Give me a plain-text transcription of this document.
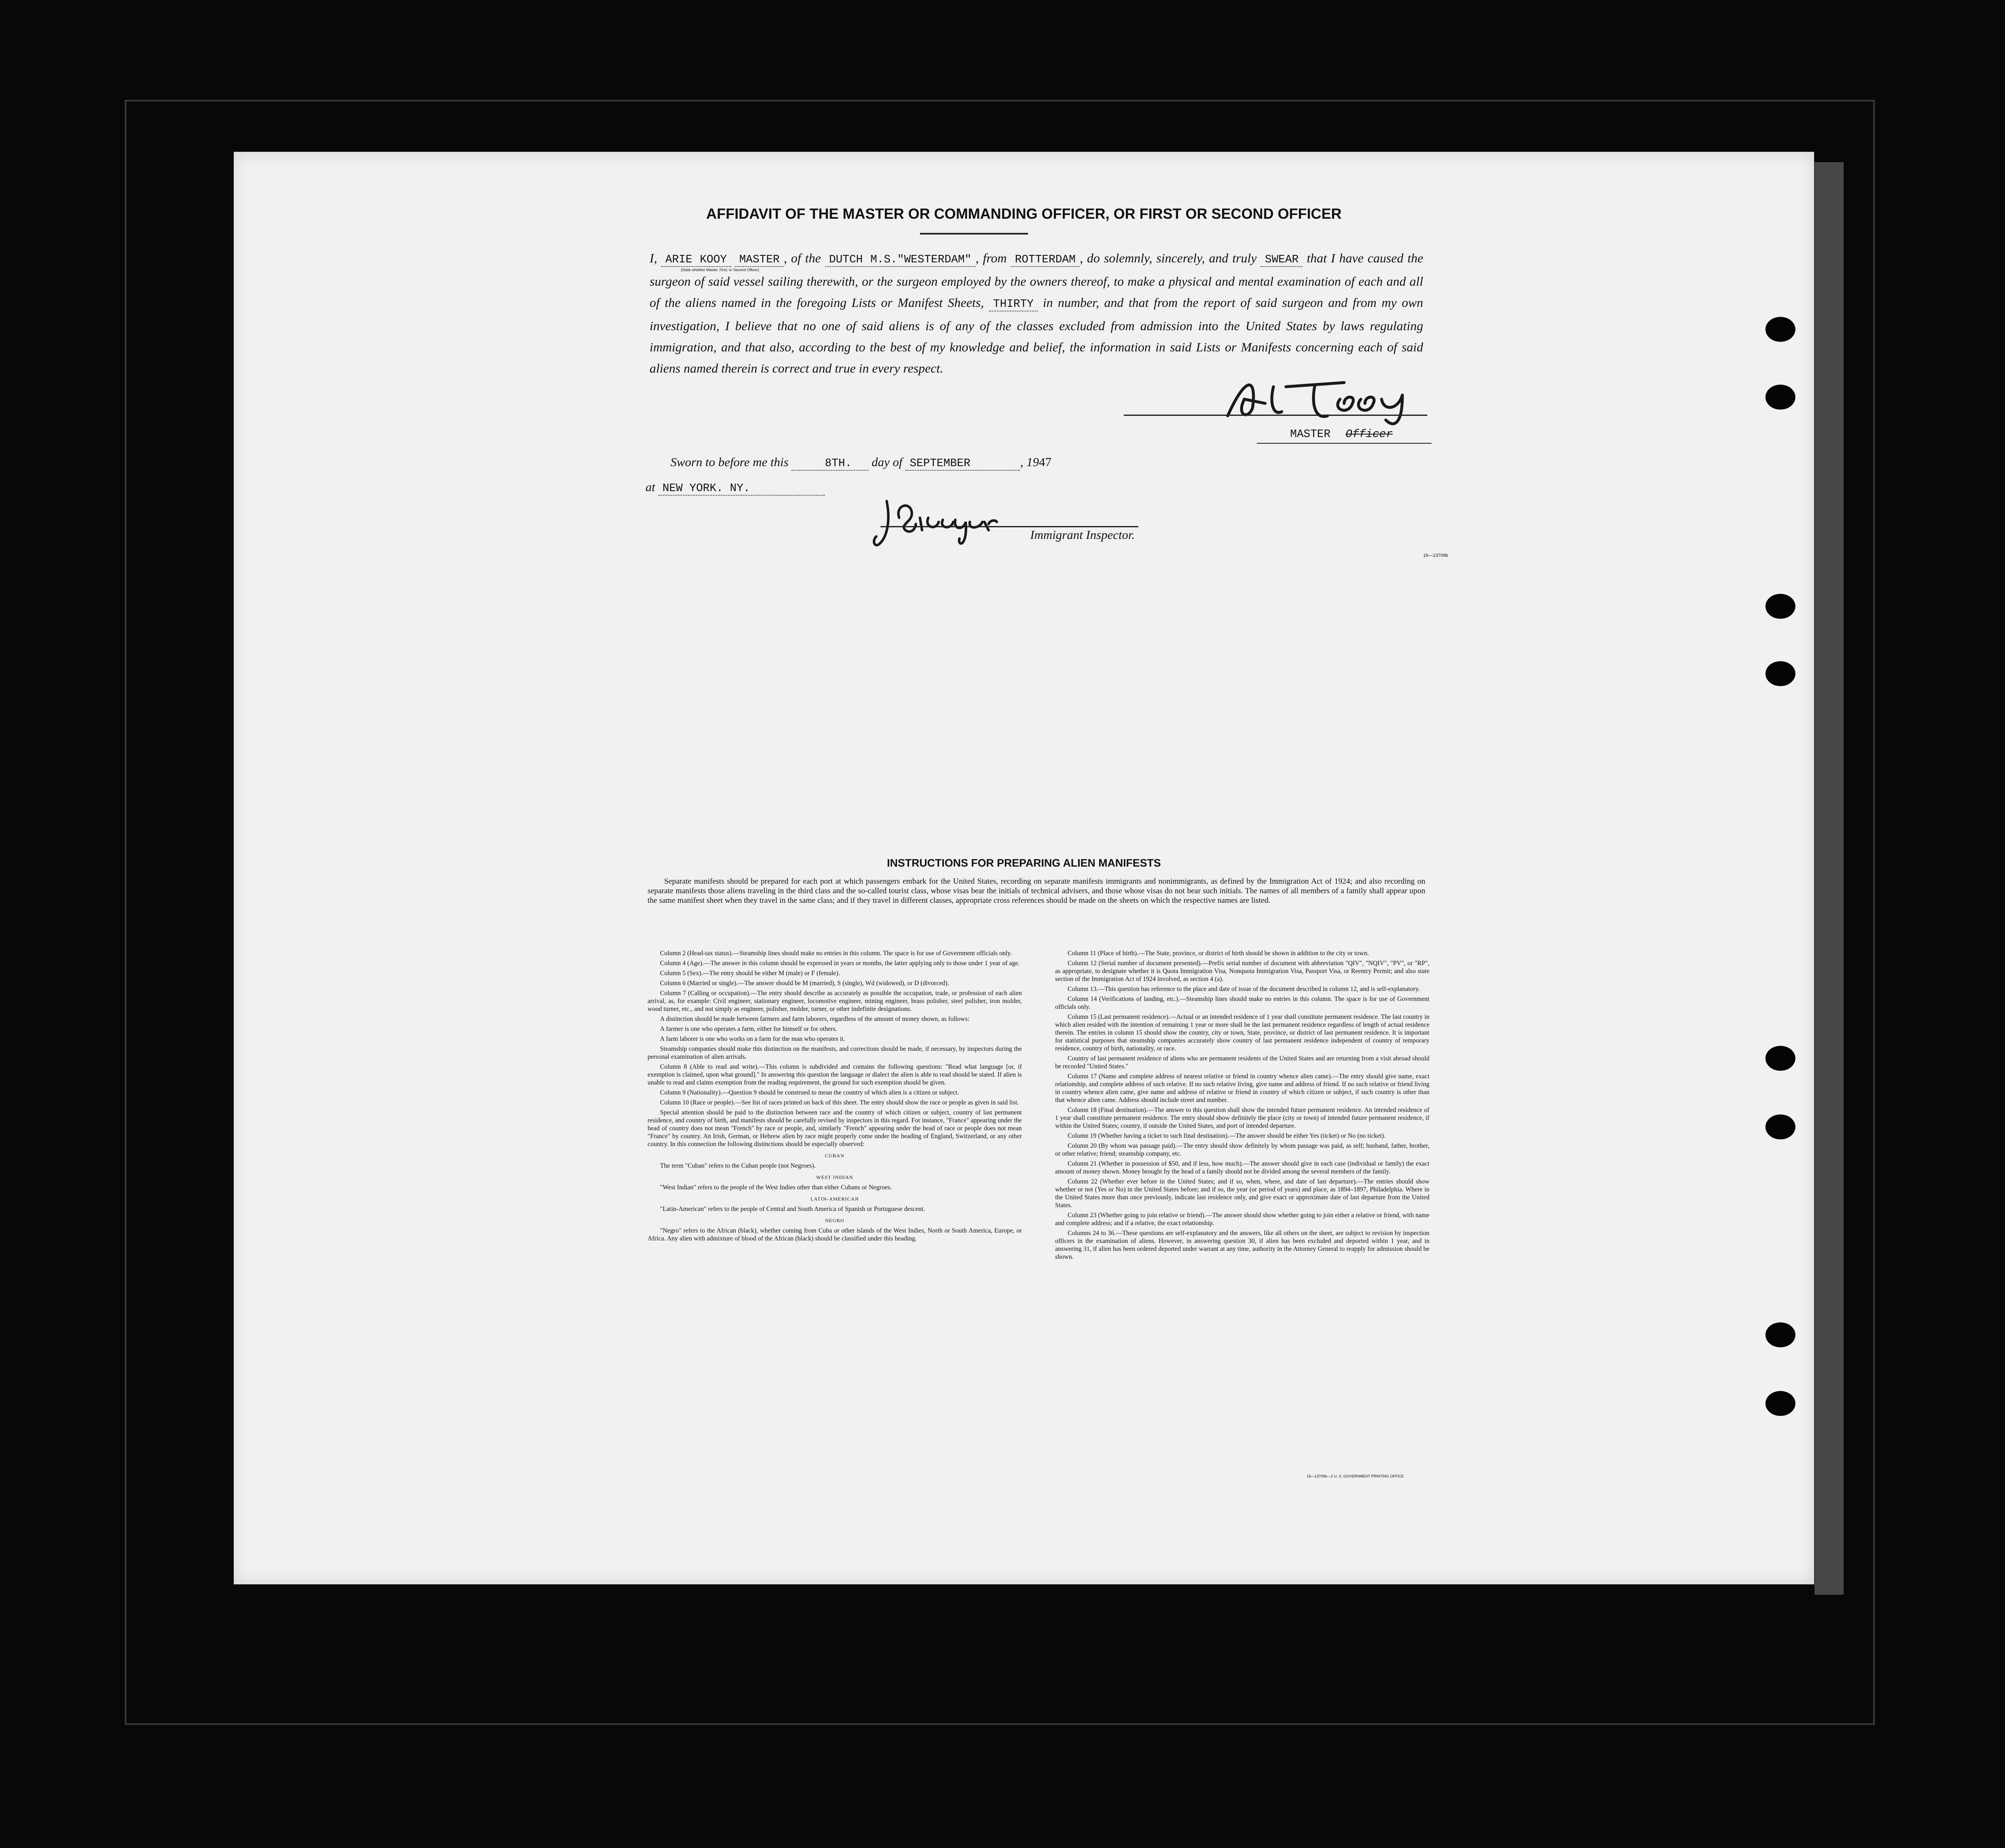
AFFIDAVIT OF THE MASTER OR COMMANDING OFFICER, OR FIRST OR SECOND OFFICER
I, ARIE KOOY MASTER , of the DUTCH M.S."WESTERDAM" , from ROTTERDAM , do solemnly, sincerely, and truly SWEAR that I have caused the surgeon of said vessel sailing therewith, or the surgeon employed by the owners thereof, to make a physical and mental examination of each and all of the aliens named in the foregoing Lists or Manifest Sheets, THIRTY in number, and that from the report of said surgeon and from my own investigation, I believe that no one of said aliens is of any of the classes excluded from admission into the United States by laws regulating immigration, and that also, according to the best of my knowledge and belief, the information in said Lists or Manifests concerning each of said aliens named therein is correct and true in every respect.
(State whether Master, First, or Second Officer)
MASTER Officer
Sworn to before me this	8TH. day of SEPTEMBER	, 1947
at NEW YORK. NY.
Immigrant Inspector.
16—13709b
INSTRUCTIONS FOR PREPARING ALIEN MANIFESTS
Separate manifests should be prepared for each port at which passengers embark for the United States, recording on separate manifests immigrants and nonimmigrants, as defined by the Immigration Act of 1924; and also recording on separate manifests those aliens traveling in the third class and the so-called tourist class, whose visas bear the initials of technical advisers, and those whose visas do not bear such initials. The names of all members of a family shall appear upon the same manifest sheet when they travel in the same class; and if they travel in different classes, appropriate cross references should be made on the sheets on which the respective names are listed.

Column 2 (Head-tax status).—Steamship lines should make no entries in this column. The space is for use of Government officials only.

Column 4 (Age).—The answer in this column should be expressed in years or months, the latter applying only to those under 1 year of age.

Column 5 (Sex).—The entry should be either M (male) or F (female).

Column 6 (Married or single).—The answer should be M (married), S (single), Wd (widowed), or D (divorced).

Column 7 (Calling or occupation).—The entry should describe as accurately as possible the occupation, trade, or profession of each alien arrival, as, for example: Civil engineer, stationary engineer, locomotive engineer, mining engineer, brass polisher, steel polisher, iron molder, wood turner, etc., and not simply as engineer, polisher, molder, turner, or other indefinite designations.

A distinction should be made between farmers and farm laborers, regardless of the amount of money shown, as follows:

A farmer is one who operates a farm, either for himself or for others.

A farm laborer is one who works on a farm for the man who operates it.

Steamship companies should make this distinction on the manifests, and corrections should be made, if necessary, by inspectors during the personal examination of alien arrivals.

Column 8 (Able to read and write).—This column is subdivided and contains the following questions: "Read what language [or, if exemption is claimed, upon what ground]." In answering this question the language or dialect the alien is able to read should be stated. If alien is unable to read and claims exemption from the reading requirement, the ground for such exemption should be given.

Column 9 (Nationality).—Question 9 should be construed to mean the country of which alien is a citizen or subject.

Column 10 (Race or people).—See list of races printed on back of this sheet. The entry should show the race or people as given in said list.

Special attention should be paid to the distinction between race and the country of which citizen or subject, country of last permanent residence, and country of birth, and manifests should be carefully revised by inspectors in this regard. For instance, "France" appearing under the head of country does not mean "French" by race or people, and, similarly "French" appearing under the head of race or people does not mean "France" by country. An Irish, German, or Hebrew alien by race might properly come under the heading of England, Switzerland, or any other country. In this connection the following distinctions should be especially observed:

CUBAN

The term "Cuban" refers to the Cuban people (not Negroes).

WEST INDIAN

"West Indian" refers to the people of the West Indies other than either Cubans or Negroes.

LATIN-AMERICAN

"Latin-American" refers to the people of Central and South America of Spanish or Portuguese descent.

NEGRO

"Negro" refers to the African (black), whether coming from Cuba or other islands of the West Indies, North or South America, Europe, or Africa. Any alien with admixture of blood of the African (black) should be classified under this heading.

Column 11 (Place of birth).—The State, province, or district of birth should be shown in addition to the city or town.

Column 12 (Serial number of document presented).—Prefix serial number of document with abbreviation "QIV", "NQIV", "PV", or "RP", as appropriate, to designate whether it is Quota Immigration Visa, Nonquota Immigration Visa, Passport Visa, or Reentry Permit; and also state section of the Immigration Act of 1924 involved, as section 4 (a).

Column 13.—This question has reference to the place and date of issue of the document described in column 12, and is self-explanatory.

Column 14 (Verifications of landing, etc.).—Steamship lines should make no entries in this column. The space is for use of Government officials only.

Column 15 (Last permanent residence).—Actual or an intended residence of 1 year shall constitute permanent residence. The last country in which alien resided with the intention of remaining 1 year or more shall be the last permanent residence regardless of length of actual residence therein. The entries in column 15 should show the country, city or town, State, province, or district of last permanent residence. It is important for statistical purposes that steamship companies accurately show country of last permanent residence independent of country of temporary residence, country of birth, nationality, or race.

Country of last permanent residence of aliens who are permanent residents of the United States and are returning from a visit abroad should be recorded "United States."

Column 17 (Name and complete address of nearest relative or friend in country whence alien came).—The entry should give name, exact relationship, and complete address of such relative. If no such relative living, give name and address of friend. If no such relative or friend living in country whence alien came, give name and address of relative or friend in country of which citizen or subject, if such country is other than that whence alien came. Address should include street and number.

Column 18 (Final destination).—The answer to this question shall show the intended future permanent residence. An intended residence of 1 year shall constitute permanent residence. The entry should show definitely the place (city or town) of intended future permanent residence, if within the United States; country, if outside the United States, and port of intended departure.

Column 19 (Whether having a ticket to such final destination).—The answer should be either Yes (ticket) or No (no ticket).

Column 20 (By whom was passage paid).—The entry should show definitely by whom passage was paid, as self; husband, father, brother, or other relative; friend; steamship company, etc.

Column 21 (Whether in possession of $50, and if less, how much).—The answer should give in each case (individual or family) the exact amount of money shown. Money brought by the head of a family should not be divided among the several members of the family.

Column 22 (Whether ever before in the United States; and if so, when, where, and date of last departure).—The entries should show whether or not (Yes or No) in the United States before; and if so, the year (or period of years) and place, as 1894–1897, Philadelphia. Where in the United States more than once previously, indicate last residence only, and give exact or approximate date of last departure from the United States.

Column 23 (Whether going to join relative or friend).—The answer should show whether going to join either a relative or friend, with name and complete address; and if a relative, the exact relationship.

Columns 24 to 36.—These questions are self-explanatory and the answers, like all others on the sheet, are subject to revision by inspection officers in the examination of aliens. However, in answering question 30, if alien has been excluded and deported within 1 year, and in answering 31, if alien has been ordered deported under warrant at any time, authority in the Attorney General to reapply for admission should be shown.

16—13709b—2 U. S. GOVERNMENT PRINTING OFFICE
